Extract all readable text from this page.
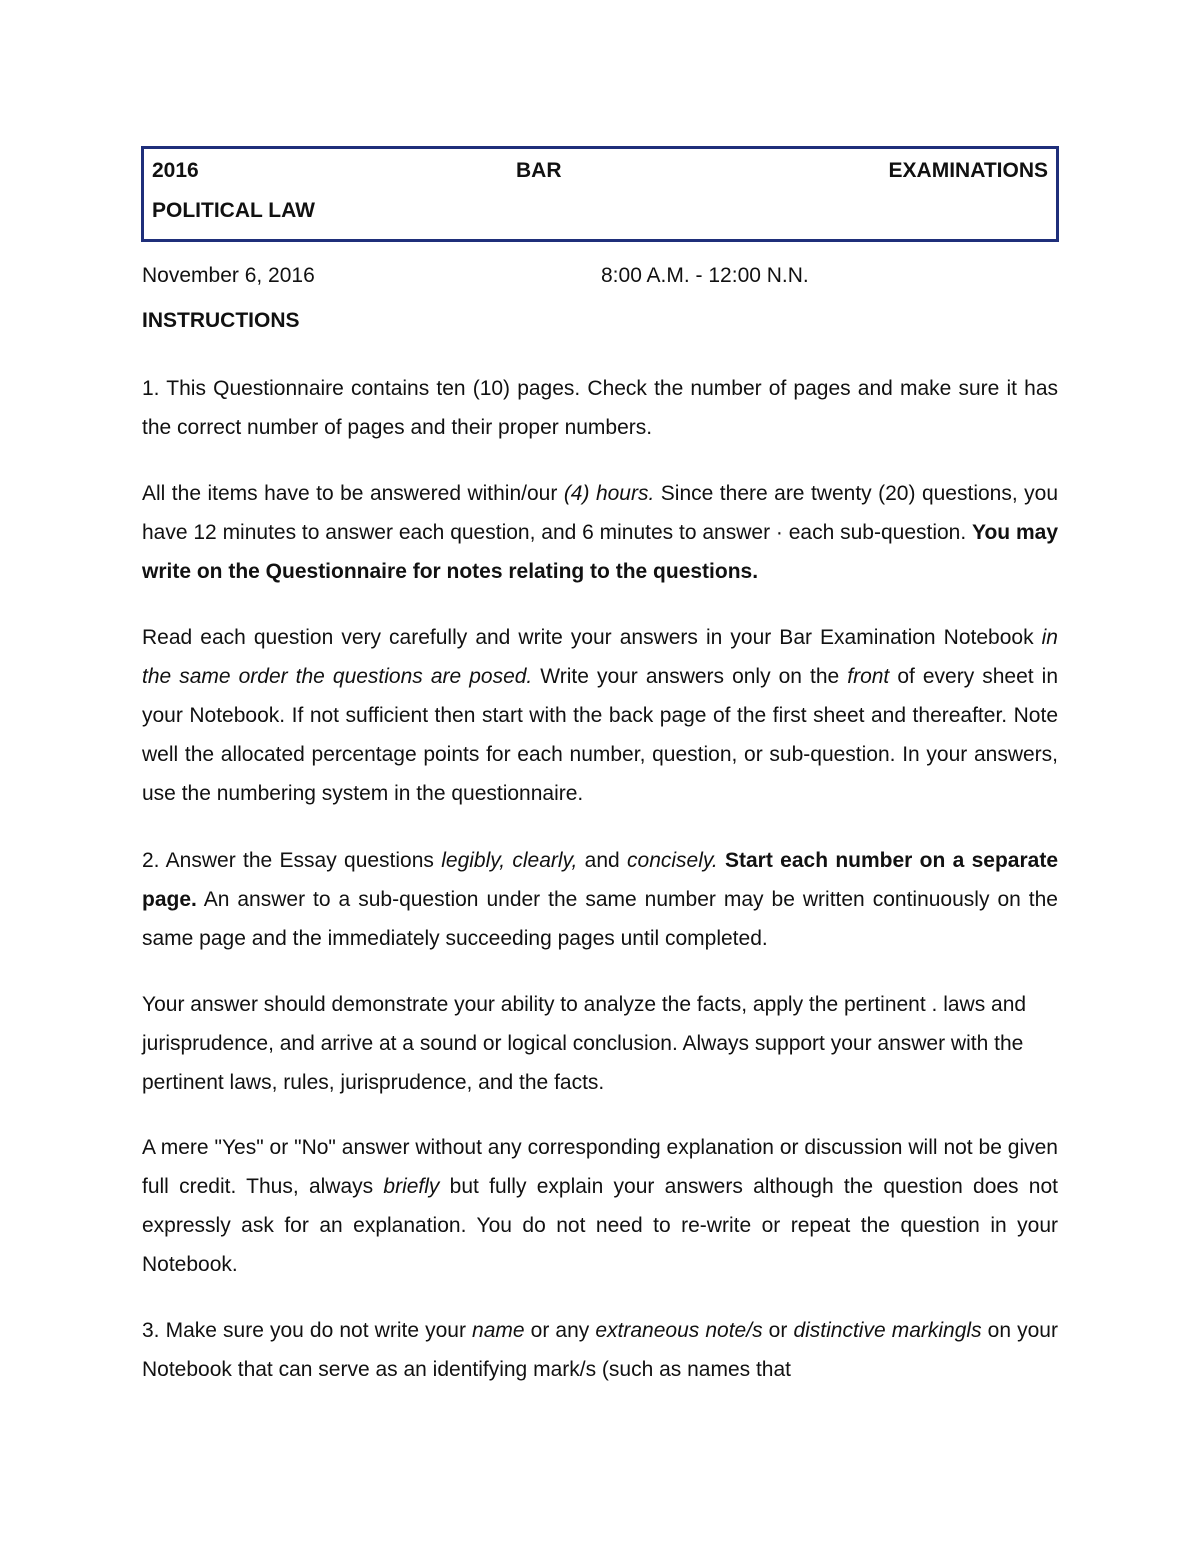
2016	BAR	EXAMINATIONS
POLITICAL LAW
November 6, 2016	8:00 A.M. - 12:00 N.N.
INSTRUCTIONS

1. This Questionnaire contains ten (10) pages. Check the number of pages and make sure it has the correct number of pages and their proper numbers.

All the items have to be answered within/our (4) hours. Since there are twenty (20) questions, you have 12 minutes to answer each question, and 6 minutes to answer · each sub-question. You may write on the Questionnaire for notes relating to the questions.

Read each question very carefully and write your answers in your Bar Examination Notebook in the same order the questions are posed. Write your answers only on the front of every sheet in your Notebook. If not sufficient then start with the back page of the first sheet and thereafter. Note well the allocated percentage points for each number, question, or sub-question. In your answers, use the numbering system in the questionnaire.

2. Answer the Essay questions legibly, clearly, and concisely. Start each number on a separate page. An answer to a sub-question under the same number may be written continuously on the same page and the immediately succeeding pages until completed.

Your answer should demonstrate your ability to analyze the facts, apply the pertinent . laws and jurisprudence, and arrive at a sound or logical conclusion. Always support your answer with the pertinent laws, rules, jurisprudence, and the facts.

A mere "Yes" or "No" answer without any corresponding explanation or discussion will not be given full credit. Thus, always briefly but fully explain your answers although the question does not expressly ask for an explanation. You do not need to re-write or repeat the question in your Notebook.

3. Make sure you do not write your name or any extraneous note/s or distinctive markingls on your Notebook that can serve as an identifying mark/s (such as names that
